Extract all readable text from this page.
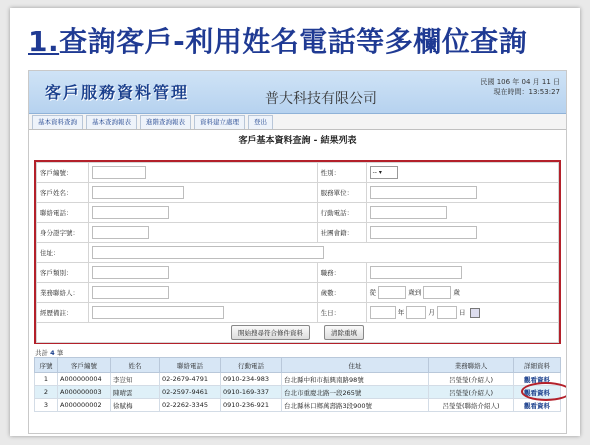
1.查詢客戶-利用姓名電話等多欄位查詢
客戶服務資料管理	普大科技有限公司
民國 106 年 04 月 11 日
現在時間：13:53:27
基本資料查詢	基本查詢報表	進階查詢報表	資料建立處理	登出
客戶基本資料查詢 - 結果列表
客戶編號：		性別：	-- ▾
客戶姓名：		服務單位：	
聯絡電話：		行動電話：	
身分證字號：		社團會籍：	
住址：			
客戶類別：		職務：	
業務聯絡人：		歲數：	從 歲到 歲
經歷備註：		生日：	年 月 日
開始搜尋符合條件資料 清除重填			
共計 4 筆
序號	客戶編號	姓名	聯絡電話	行動電話	住址	業務聯絡人	詳細資料
1	A000000004	李豈知	02-2679-4791	0910-234-983	台北縣中和市振興南路98號	呂瑩瑩(介紹人)	觀看資料
2	A000000003	陳晴雲	02-2597-9461	0910-169-337	台北市重慶北路一段265號	呂瑩瑩(介紹人)	觀看資料
3	A000000002	徐賦梅	02-2262-3345	0910-236-921	台北縣林口鄉萬壽路3段900號	呂瑩瑩(聯絡介紹人)	觀看資料
